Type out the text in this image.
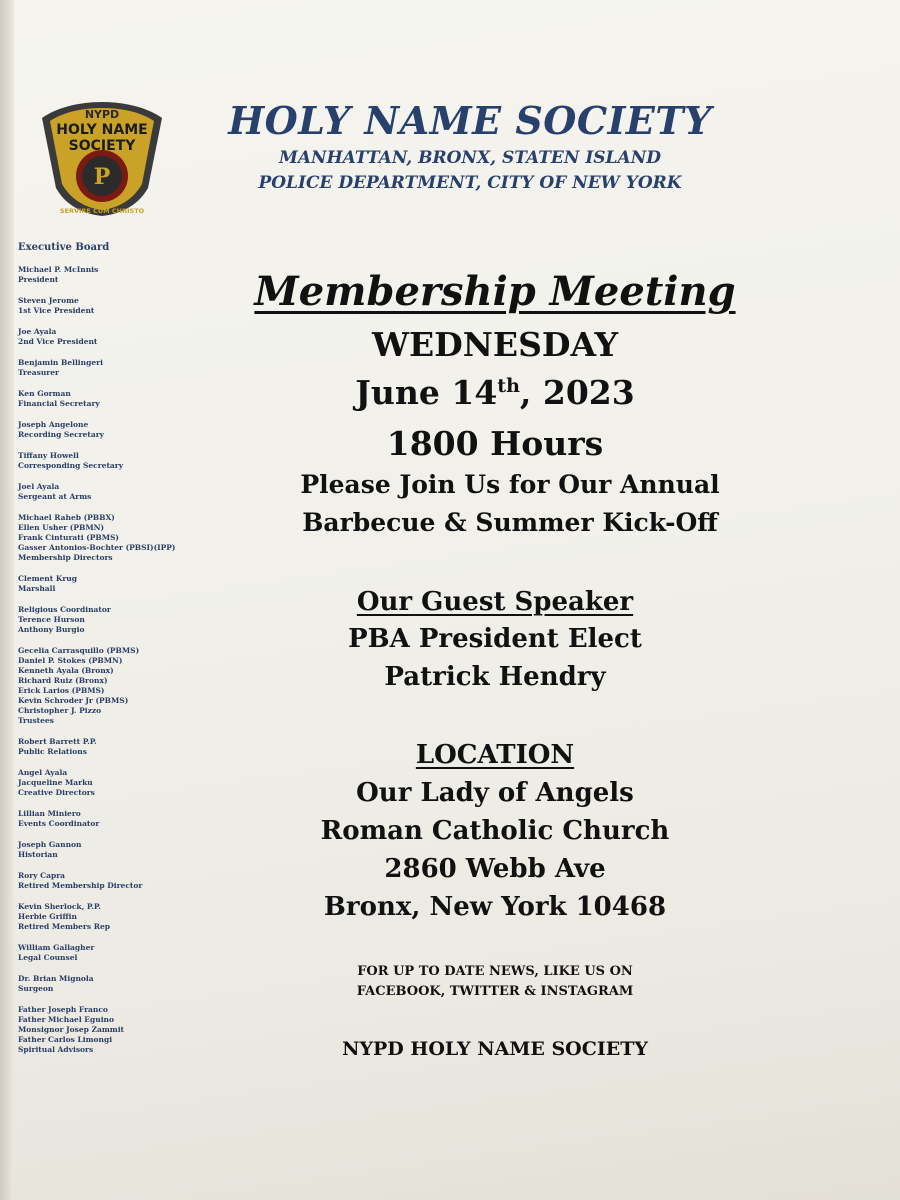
P
NYPD
HOLY NAME
SOCIETY
SERVIRE CUM CHRISTO
HOLY NAME SOCIETY
MANHATTAN, BRONX, STATEN ISLAND
POLICE DEPARTMENT, CITY OF NEW YORK
Executive Board
Michael P. McInnis
President
Steven Jerome
1st Vice President
Joe Ayala
2nd Vice President
Benjamin Bellingeri
Treasurer
Ken Gorman
Financial Secretary
Joseph Angelone
Recording Secretary
Tiffany Howell
Corresponding Secretary
Joel Ayala
Sergeant at Arms
Michael Raheb (PBBX)
Ellen Usher (PBMN)
Frank Cinturati (PBMS)
Gasser Antonios-Bochter (PBSI)(IPP)
Membership Directors
Clement Krug
Marshall
Religious Coordinator
Terence Hurson
Anthony Burgio
Gecelia Carrasquillo (PBMS)
Daniel P. Stokes (PBMN)
Kenneth Ayala (Bronx)
Richard Ruiz (Bronx)
Erick Larios (PBMS)
Kevin Schroder Jr (PBMS)
Christopher J. Pizzo
Trustees
Robert Barrett P.P.
Public Relations
Angel Ayala
Jacqueline Marku
Creative Directors
Lillian Miniero
Events Coordinator
Joseph Gannon
Historian
Rory Capra
Retired Membership Director
Kevin Sherlock, P.P.
Herbie Griffin
Retired Members Rep
William Gallagher
Legal Counsel
Dr. Brian Mignola
Surgeon
Father Joseph Franco
Father Michael Eguino
Monsignor Josep Zammit
Father Carlos Limongi
Spiritual Advisors
Membership Meeting
WEDNESDAY
June 14th, 2023
1800 Hours
Please Join Us for Our Annual
Barbecue & Summer Kick-Off
Our Guest Speaker
PBA President Elect
Patrick Hendry
LOCATION
Our Lady of Angels
Roman Catholic Church
2860 Webb Ave
Bronx, New York 10468
FOR UP TO DATE NEWS, LIKE US ON
FACEBOOK, TWITTER & INSTAGRAM
NYPD HOLY NAME SOCIETY
